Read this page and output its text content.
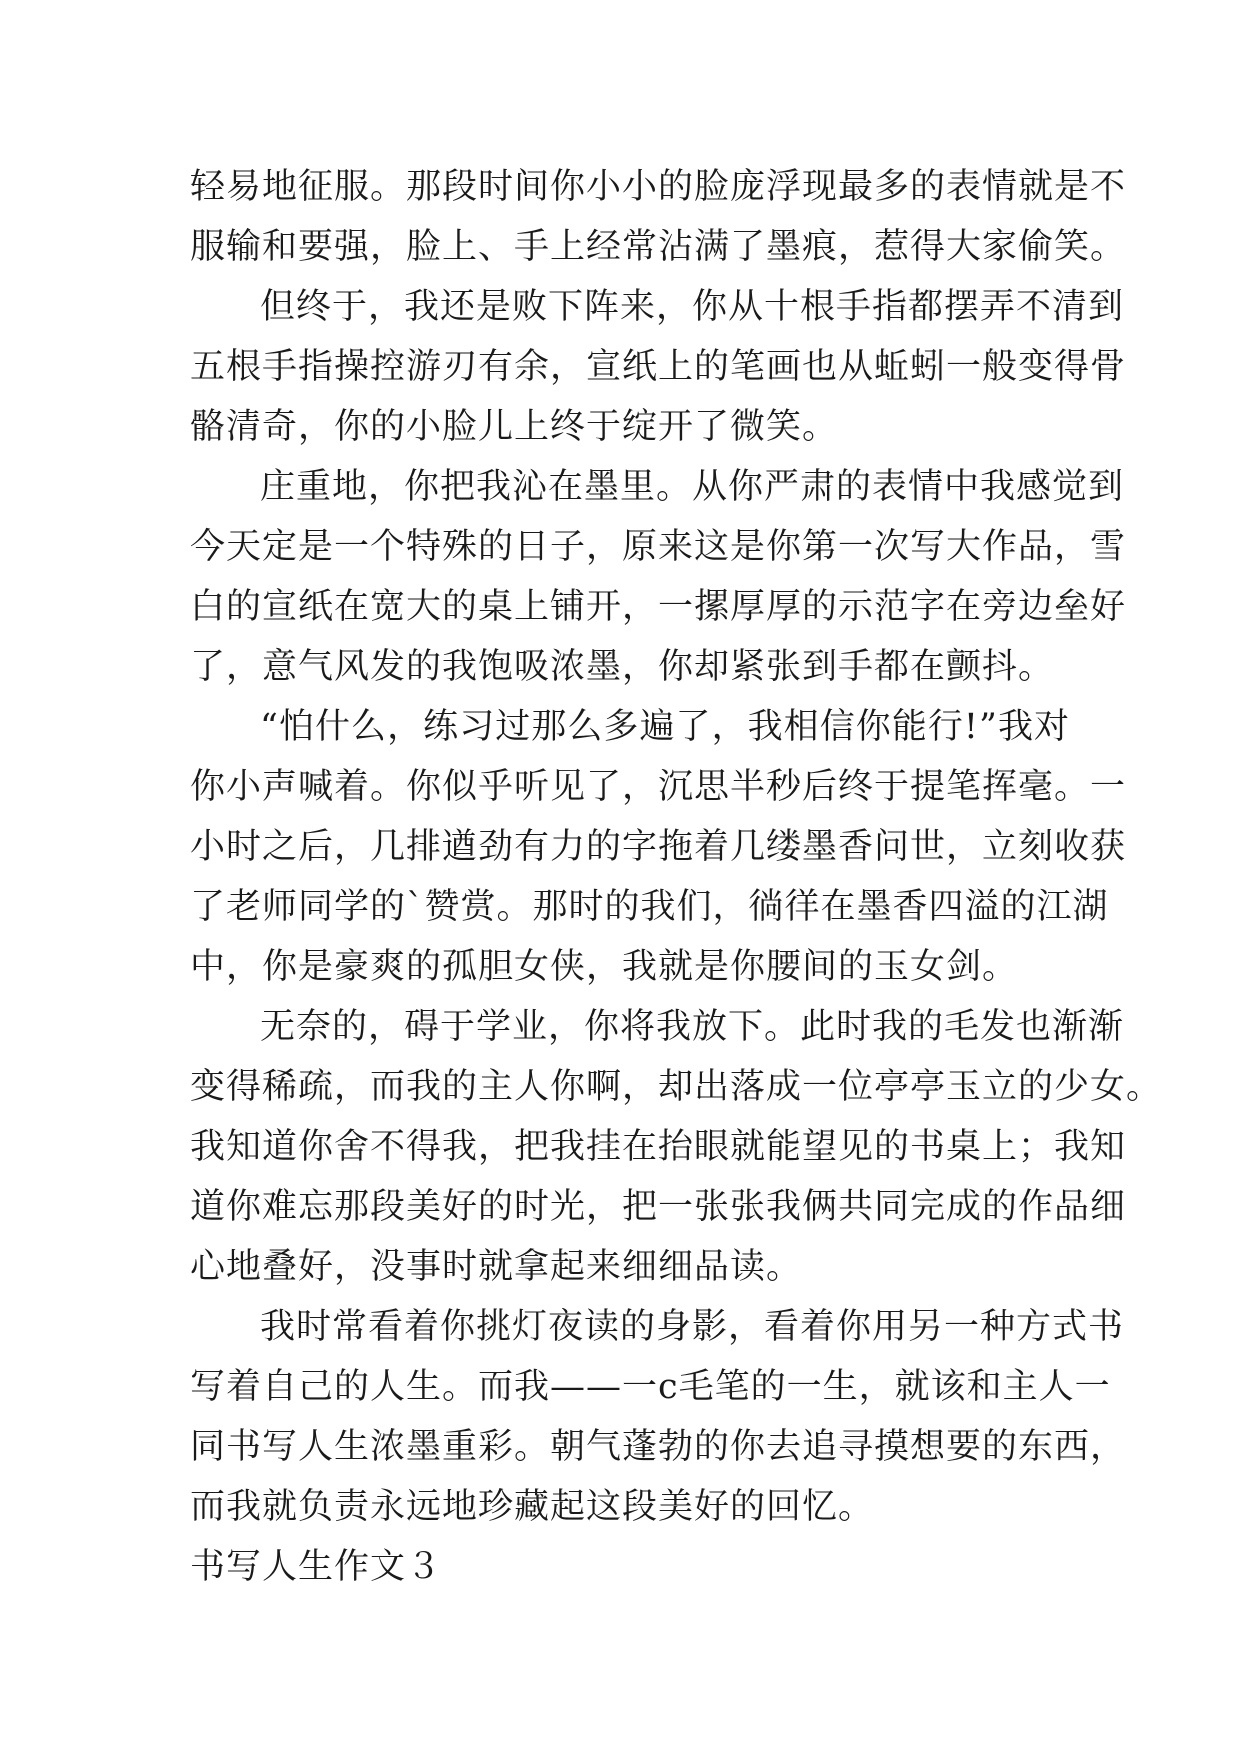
轻易地征服。那段时间你小小的脸庞浮现最多的表情就是不
服输和要强，脸上、手上经常沾满了墨痕，惹得大家偷笑。
但终于，我还是败下阵来，你从十根手指都摆弄不清到
五根手指操控游刃有余，宣纸上的笔画也从蚯蚓一般变得骨
骼清奇，你的小脸儿上终于绽开了微笑。
庄重地，你把我沁在墨里。从你严肃的表情中我感觉到
今天定是一个特殊的日子，原来这是你第一次写大作品，雪
白的宣纸在宽大的桌上铺开，一摞厚厚的示范字在旁边垒好
了，意气风发的我饱吸浓墨，你却紧张到手都在颤抖。
“怕什么，练习过那么多遍了，我相信你能行!”我对
你小声喊着。你似乎听见了，沉思半秒后终于提笔挥毫。一
小时之后，几排遒劲有力的字拖着几缕墨香问世，立刻收获
了老师同学的`赞赏。那时的我们，徜徉在墨香四溢的江湖
中，你是豪爽的孤胆女侠，我就是你腰间的玉女剑。
无奈的，碍于学业，你将我放下。此时我的毛发也渐渐
变得稀疏，而我的主人你啊，却出落成一位亭亭玉立的少女。
我知道你舍不得我，把我挂在抬眼就能望见的书桌上；我知
道你难忘那段美好的时光，把一张张我俩共同完成的作品细
心地叠好，没事时就拿起来细细品读。
我时常看着你挑灯夜读的身影，看着你用另一种方式书
写着自己的人生。而我——一c毛笔的一生，就该和主人一
同书写人生浓墨重彩。朝气蓬勃的你去追寻摸想要的东西，
而我就负责永远地珍藏起这段美好的回忆。
书写人生作文３
